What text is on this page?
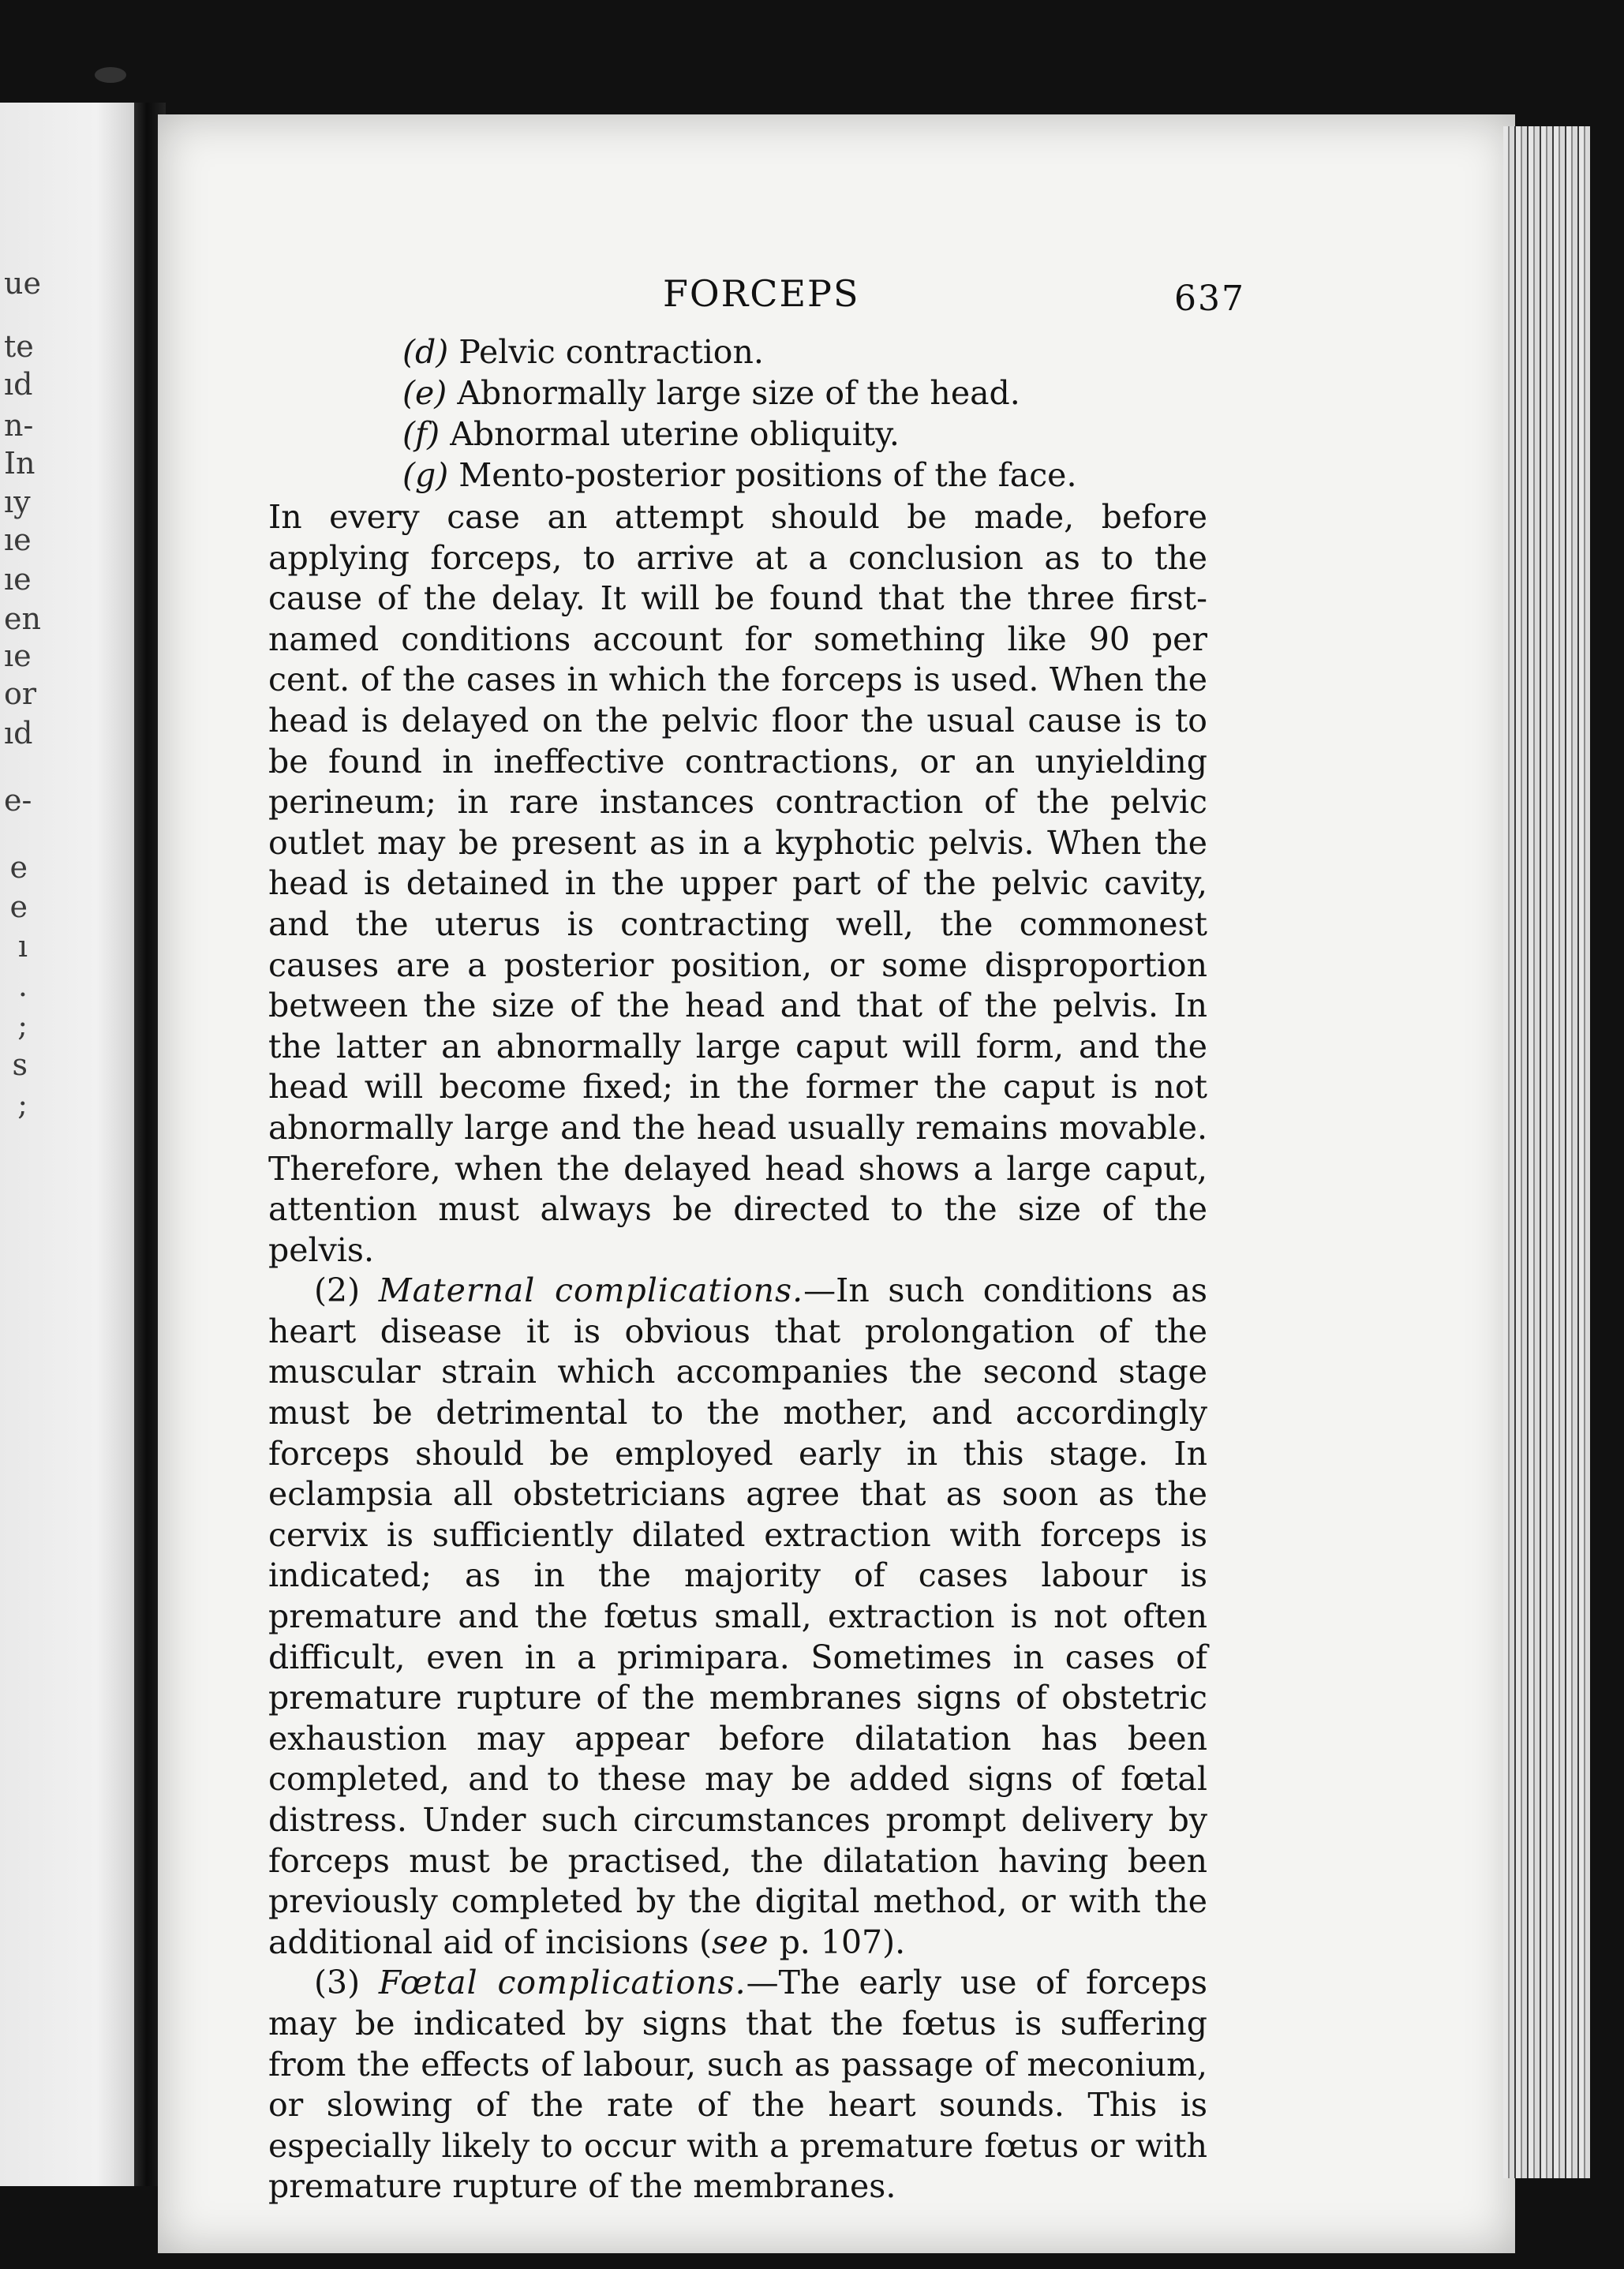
ue
te
ıd
n-
In
ıy
ıe
ıe
en
ıe
or
ıd
e-
e
e
ı
.
;
s
;
FORCEPS	637
(d) Pelvic contraction.
(e) Abnormally large size of the head.
(f) Abnormal uterine obliquity.
(g) Mento-posterior positions of the face.

In every case an attempt should be made, before applying forceps, to arrive at a conclusion as to the cause of the delay. It will be found that the three first-named conditions account for something like 90 per cent. of the cases in which the forceps is used. When the head is delayed on the pelvic floor the usual cause is to be found in ineffective contractions, or an unyielding perineum; in rare instances contraction of the pelvic outlet may be present as in a kyphotic pelvis. When the head is detained in the upper part of the pelvic cavity, and the uterus is contracting well, the commonest causes are a posterior position, or some disproportion between the size of the head and that of the pelvis. In the latter an abnormally large caput will form, and the head will become fixed; in the former the caput is not abnormally large and the head usually remains movable. Therefore, when the delayed head shows a large caput, attention must always be directed to the size of the pelvis.

(2) Maternal complications.—In such conditions as heart disease it is obvious that prolongation of the muscular strain which accompanies the second stage must be detrimental to the mother, and accordingly forceps should be employed early in this stage. In eclampsia all obstetricians agree that as soon as the cervix is sufficiently dilated extraction with forceps is indicated; as in the majority of cases labour is premature and the fœtus small, extraction is not often difficult, even in a primipara. Sometimes in cases of premature rupture of the membranes signs of obstetric exhaustion may appear before dilatation has been completed, and to these may be added signs of fœtal distress. Under such circumstances prompt delivery by forceps must be practised, the dilatation having been previously completed by the digital method, or with the additional aid of incisions (see p. 107).

(3) Fœtal complications.—The early use of forceps may be indicated by signs that the fœtus is suffering from the effects of labour, such as passage of meconium, or slowing of the rate of the heart sounds. This is especially likely to occur with a premature fœtus or with premature rupture of the membranes.
